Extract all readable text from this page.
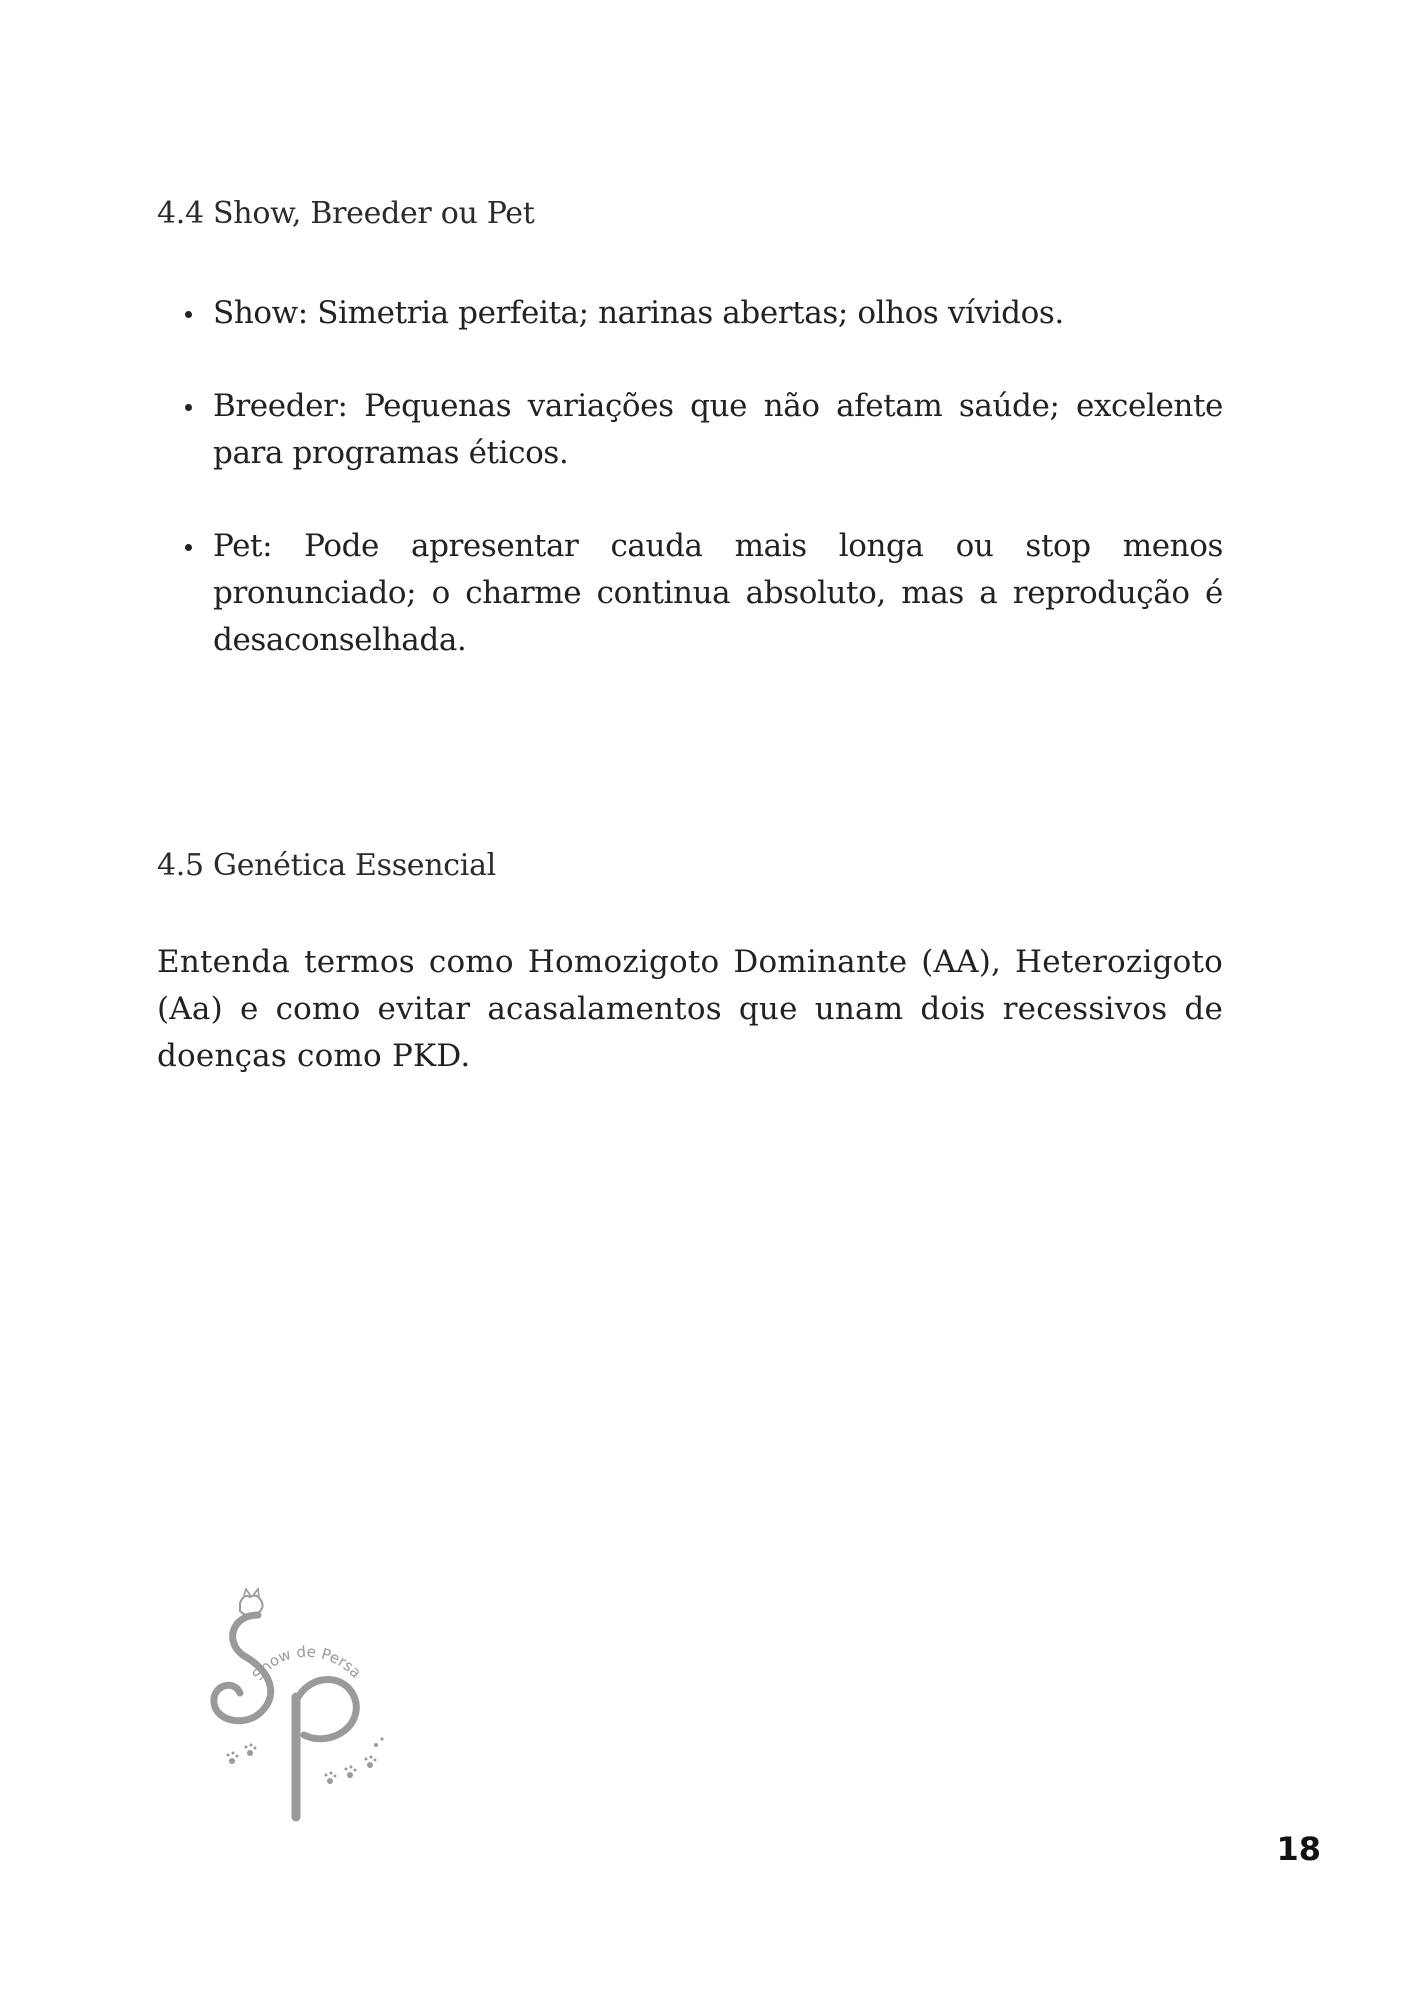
4.4 Show, Breeder ou Pet
Show: Simetria perfeita; narinas abertas; olhos vívidos.
Breeder: Pequenas variações que não afetam saúde; excelente para programas éticos.
Pet: Pode apresentar cauda mais longa ou stop menos pronunciado; o charme continua absoluto, mas a reprodução é desaconselhada.
4.5 Genética Essencial

Entenda termos como Homozigoto Dominante (AA), Heterozigoto (Aa) e como evitar acasalamentos que unam dois recessivos de doenças como PKD.

Show de Persa
18
